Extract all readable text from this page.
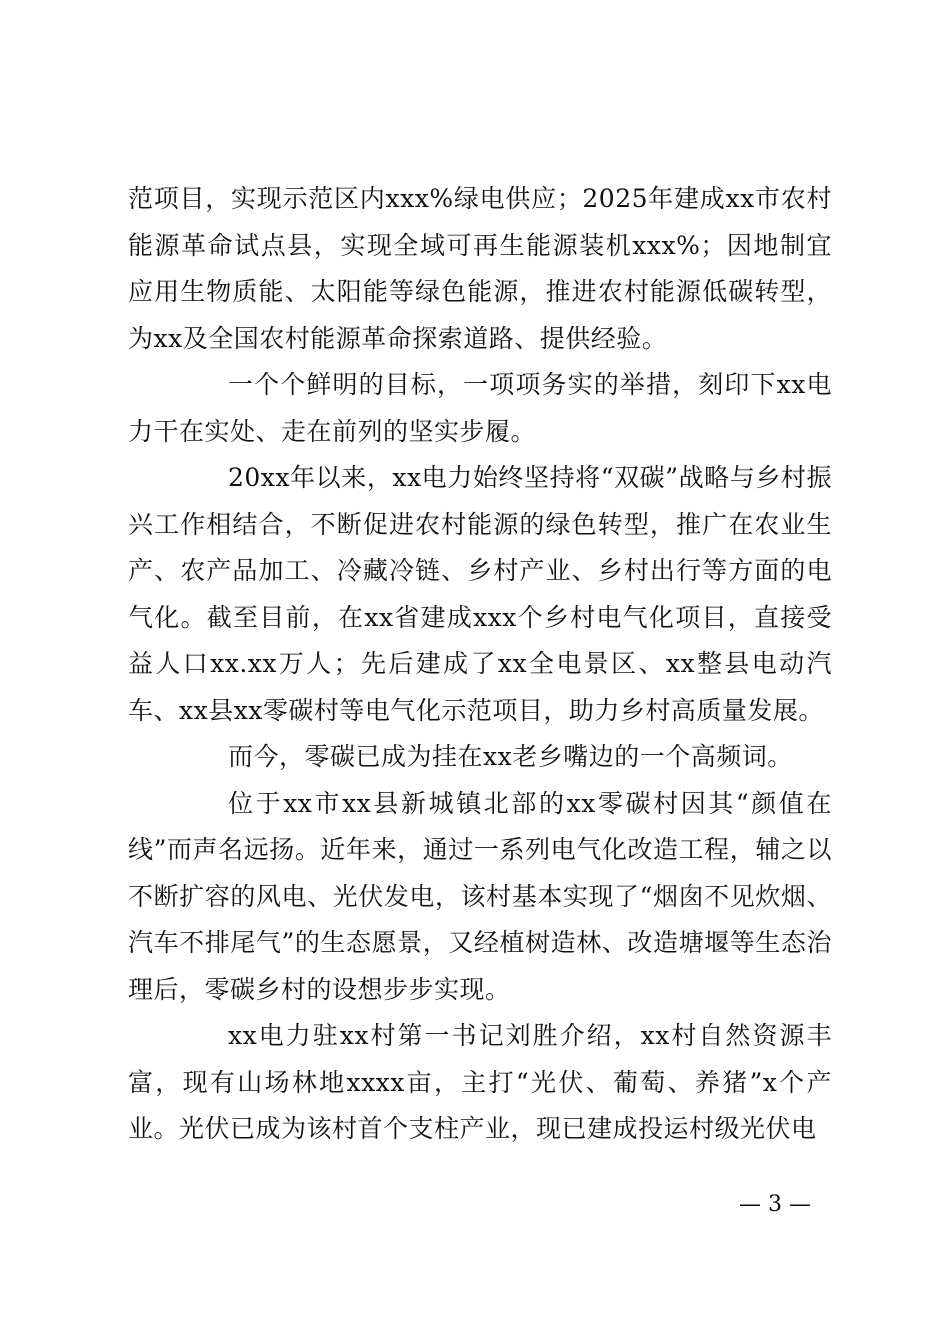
范项目，实现示范区内xxx%绿电供应；2025年建成xx市农村能源革命试点县，实现全域可再生能源装机xxx%；因地制宜应用生物质能、太阳能等绿色能源，推进农村能源低碳转型，为xx及全国农村能源革命探索道路、提供经验。

一个个鲜明的目标，一项项务实的举措，刻印下xx电力干在实处、走在前列的坚实步履。

20xx年以来，xx电力始终坚持将“双碳”战略与乡村振兴工作相结合，不断促进农村能源的绿色转型，推广在农业生产、农产品加工、冷藏冷链、乡村产业、乡村出行等方面的电气化。截至目前，在xx省建成xxx个乡村电气化项目，直接受益人口xx.xx万人；先后建成了xx全电景区、xx整县电动汽车、xx县xx零碳村等电气化示范项目，助力乡村高质量发展。

而今，零碳已成为挂在xx老乡嘴边的一个高频词。

位于xx市xx县新城镇北部的xx零碳村因其“颜值在线”而声名远扬。近年来，通过一系列电气化改造工程，辅之以不断扩容的风电、光伏发电，该村基本实现了“烟囱不见炊烟、汽车不排尾气”的生态愿景，又经植树造林、改造塘堰等生态治理后，零碳乡村的设想步步实现。

xx电力驻xx村第一书记刘胜介绍，xx村自然资源丰富，现有山场林地xxxx亩，主打“光伏、葡萄、养猪”x个产业。光伏已成为该村首个支柱产业，现已建成投运村级光伏电

— 3 —
